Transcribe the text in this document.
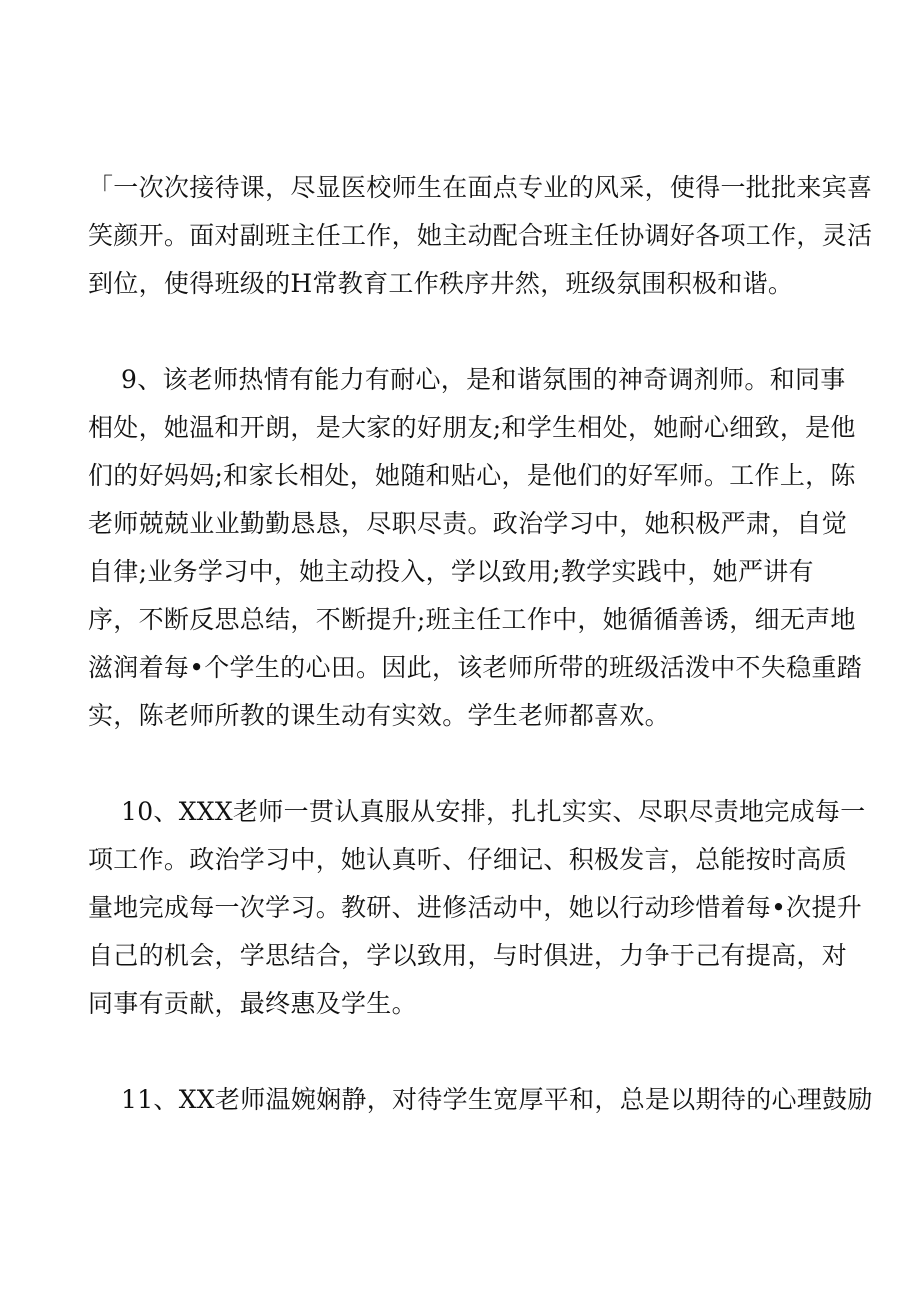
「一次次接待课，尽显医校师生在面点专业的风采，使得一批批来宾喜
笑颜开。面对副班主任工作，她主动配合班主任协调好各项工作，灵活
到位，使得班级的H常教育工作秩序井然，班级氛围积极和谐。
9、该老师热情有能力有耐心，是和谐氛围的神奇调剂师。和同事
相处，她温和开朗，是大家的好朋友;和学生相处，她耐心细致，是他
们的好妈妈;和家长相处，她随和贴心，是他们的好军师。工作上，陈
老师兢兢业业勤勤恳恳，尽职尽责。政治学习中，她积极严肃，自觉
自律;业务学习中，她主动投入，学以致用;教学实践中，她严讲有
序，不断反思总结，不断提升;班主任工作中，她循循善诱，细无声地
滋润着每•个学生的心田。因此，该老师所带的班级活泼中不失稳重踏
实，陈老师所教的课生动有实效。学生老师都喜欢。
10、XXX老师一贯认真服从安排，扎扎实实、尽职尽责地完成每一
项工作。政治学习中，她认真听、仔细记、积极发言，总能按时高质
量地完成每一次学习。教研、进修活动中，她以行动珍惜着每•次提升
自己的机会，学思结合，学以致用，与时俱进，力争于己有提高，对
同事有贡献，最终惠及学生。
11、XX老师温婉娴静，对待学生宽厚平和，总是以期待的心理鼓励
